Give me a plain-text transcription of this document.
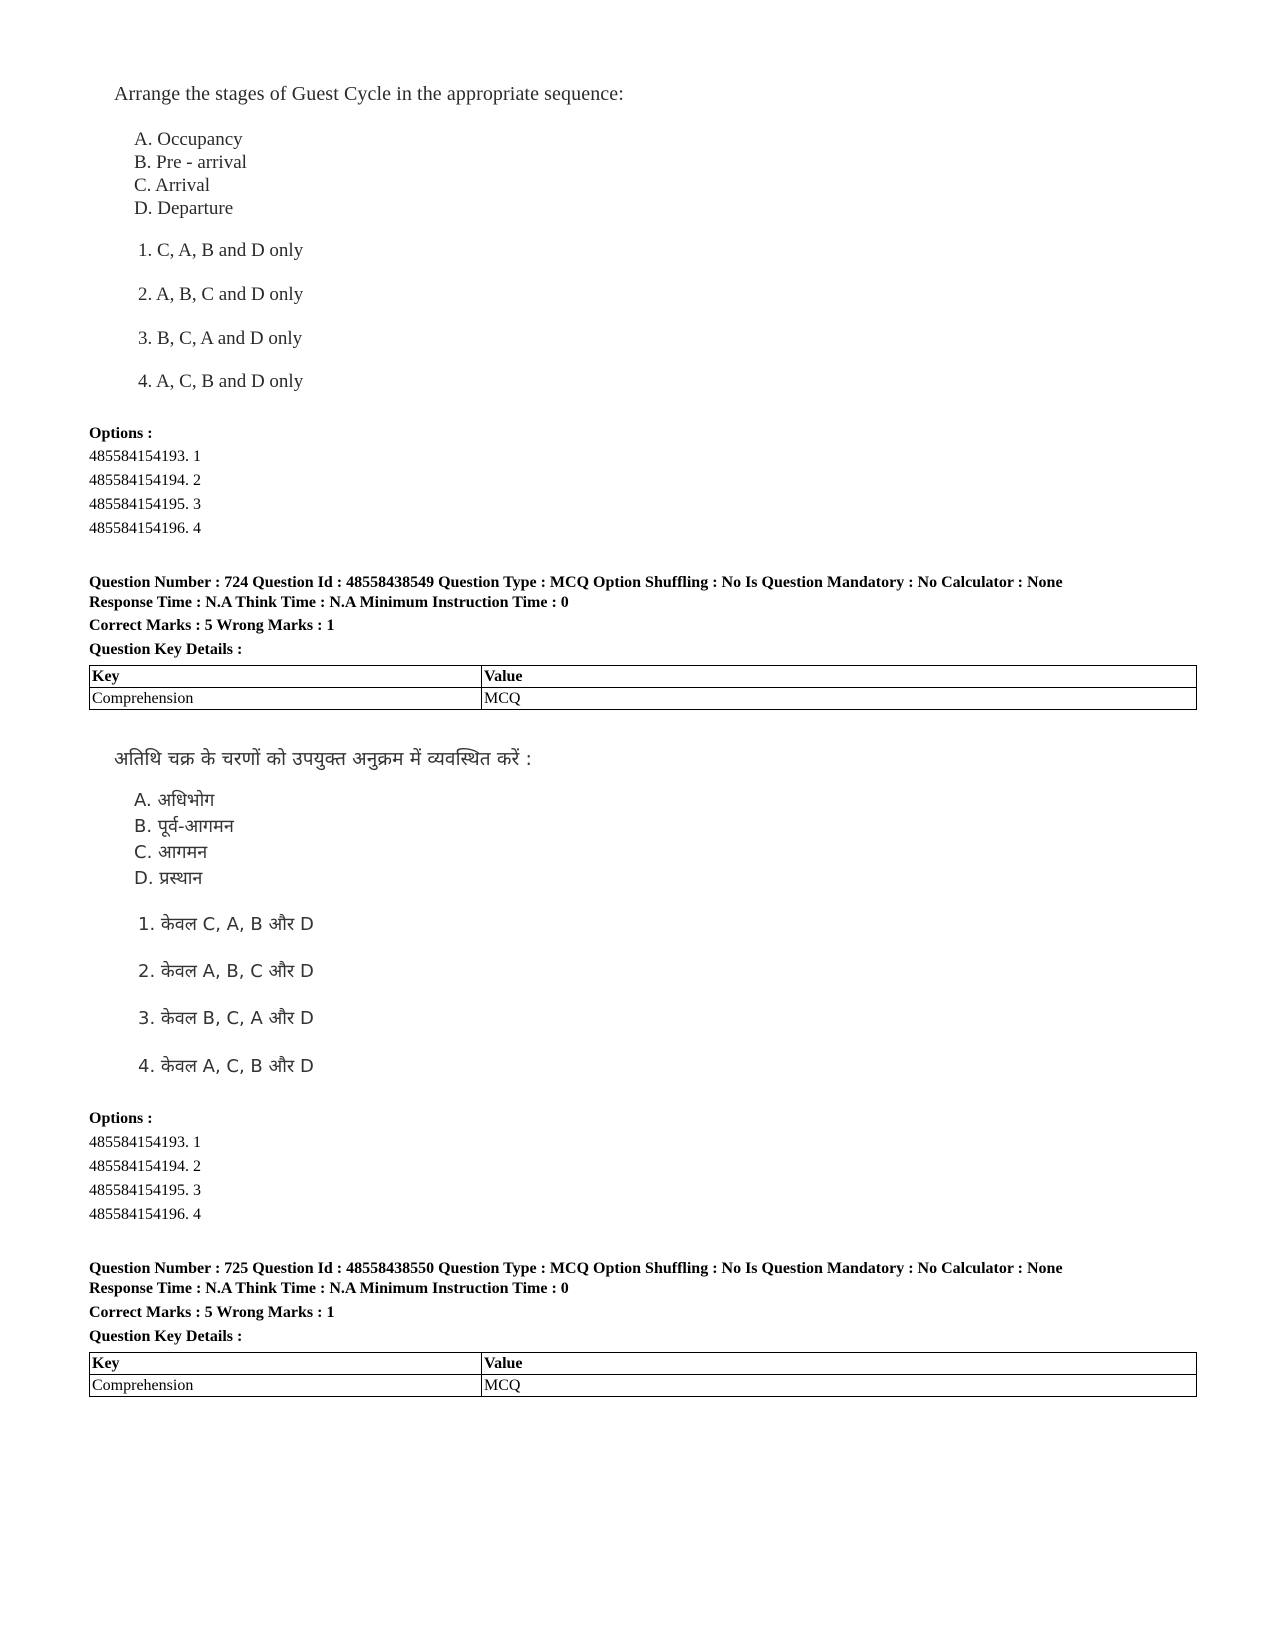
Arrange the stages of Guest Cycle in the appropriate sequence:
A. Occupancy
B. Pre - arrival
C. Arrival
D. Departure
1. C, A, B and D only
2. A, B, C and D only
3. B, C, A and D only
4. A, C, B and D only
Options :
485584154193. 1
485584154194. 2
485584154195. 3
485584154196. 4
Question Number : 724 Question Id : 48558438549 Question Type : MCQ Option Shuffling : No Is Question Mandatory : No Calculator : None
Response Time : N.A Think Time : N.A Minimum Instruction Time : 0
Correct Marks : 5 Wrong Marks : 1
Question Key Details :
Key	Value
Comprehension	MCQ
अतिथि चक्र के चरणों को उपयुक्त अनुक्रम में व्यवस्थित करें :
A. अधिभोग
B. पूर्व-आगमन
C. आगमन
D. प्रस्थान
1. केवल C, A, B और D
2. केवल A, B, C और D
3. केवल B, C, A और D
4. केवल A, C, B और D
Options :
485584154193. 1
485584154194. 2
485584154195. 3
485584154196. 4
Question Number : 725 Question Id : 48558438550 Question Type : MCQ Option Shuffling : No Is Question Mandatory : No Calculator : None
Response Time : N.A Think Time : N.A Minimum Instruction Time : 0
Correct Marks : 5 Wrong Marks : 1
Question Key Details :
Key	Value
Comprehension	MCQ
